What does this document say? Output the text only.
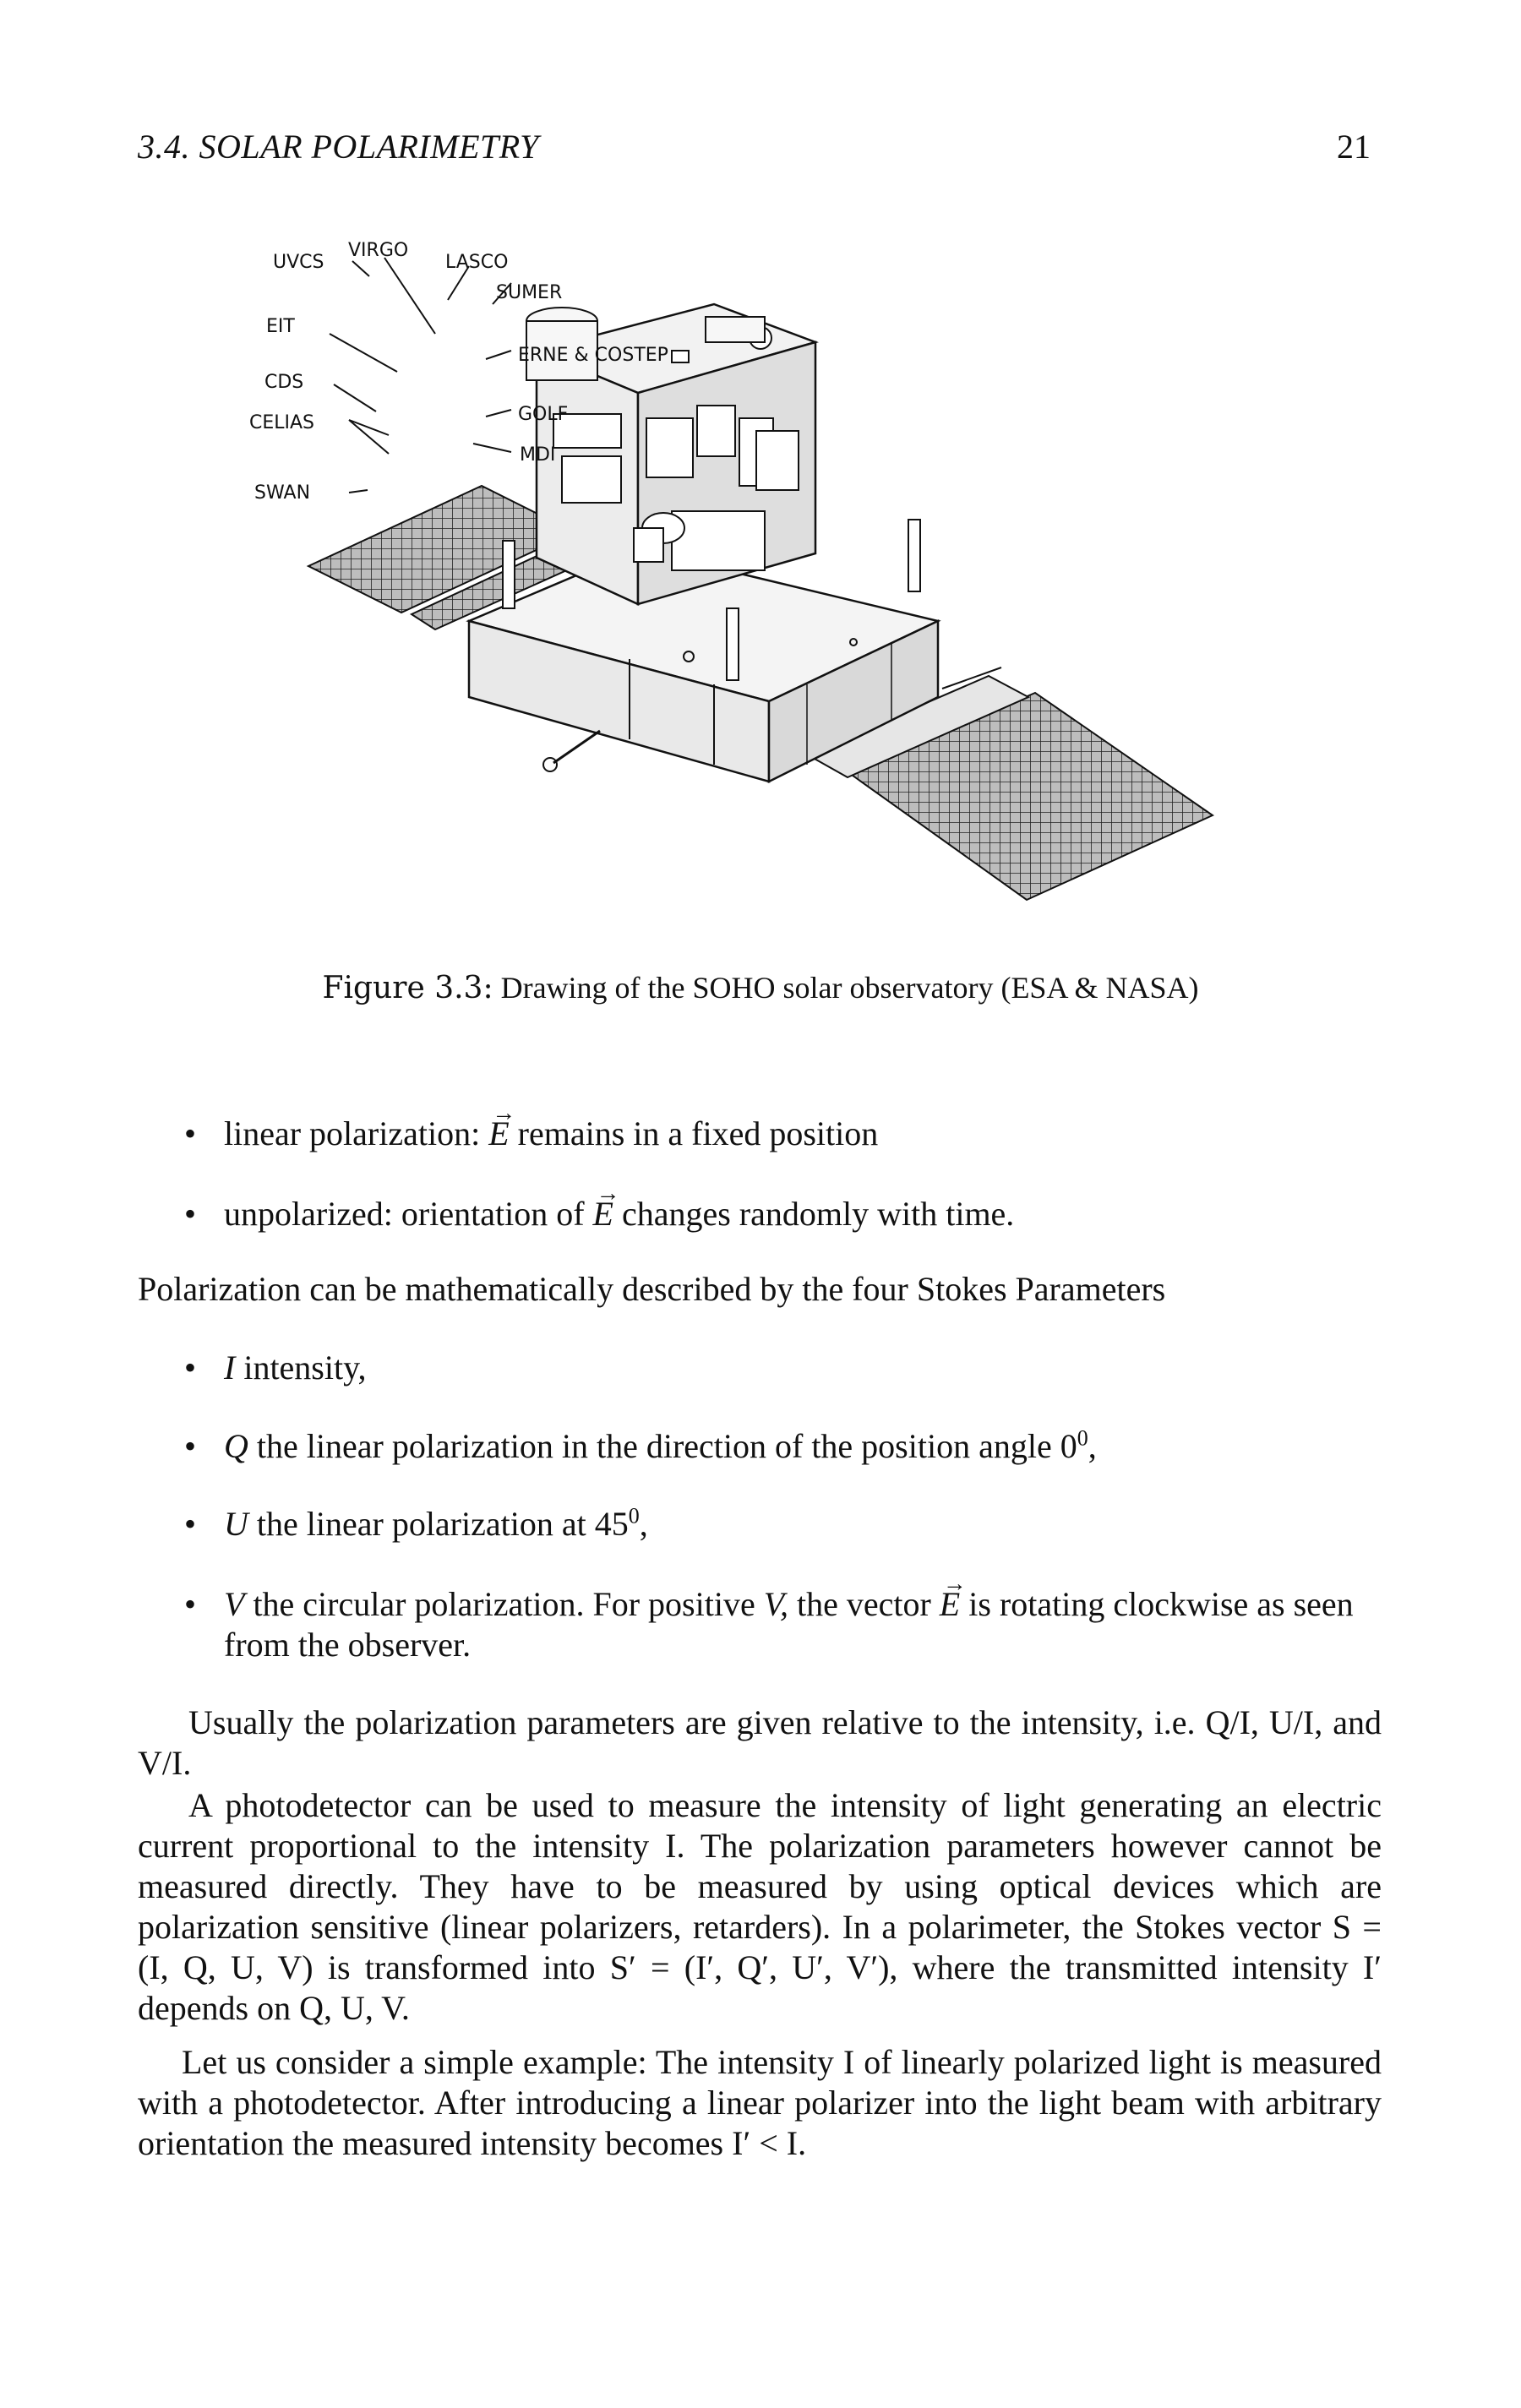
3.4. SOLAR POLARIMETRY	21
UVCS
VIRGO
LASCO
SUMER
EIT
ERNE & COSTEP
CDS
GOLF
CELIAS
MDI
SWAN
Figure 3.3: Drawing of the SOHO solar observatory (ESA & NASA)
• linear polarization: → E remains in a fixed position
• unpolarized: orientation of → E changes randomly with time.
Polarization can be mathematically described by the four Stokes Parameters
• I intensity,
• Q the linear polarization in the direction of the position angle $0^0$,
• U the linear polarization at $45^0$,
• V the circular polarization. For positive V, the vector → E is rotating clockwise as seen from the observer.
Usually the polarization parameters are given relative to the intensity, i.e. Q/I, U/I, and V/I.
A photodetector can be used to measure the intensity of light generating an electric current proportional to the intensity I. The polarization parameters however cannot be measured directly. They have to be measured by using optical devices which are polarization sensitive (linear polarizers, retarders). In a polarimeter, the Stokes vector S = (I, Q, U, V) is transformed into S′ = (I′, Q′, U′, V′), where the transmitted intensity I′ depends on Q, U, V.
Let us consider a simple example: The intensity I of linearly polarized light is measured with a photodetector. After introducing a linear polarizer into the light beam with arbitrary orientation the measured intensity becomes I′ < I.
